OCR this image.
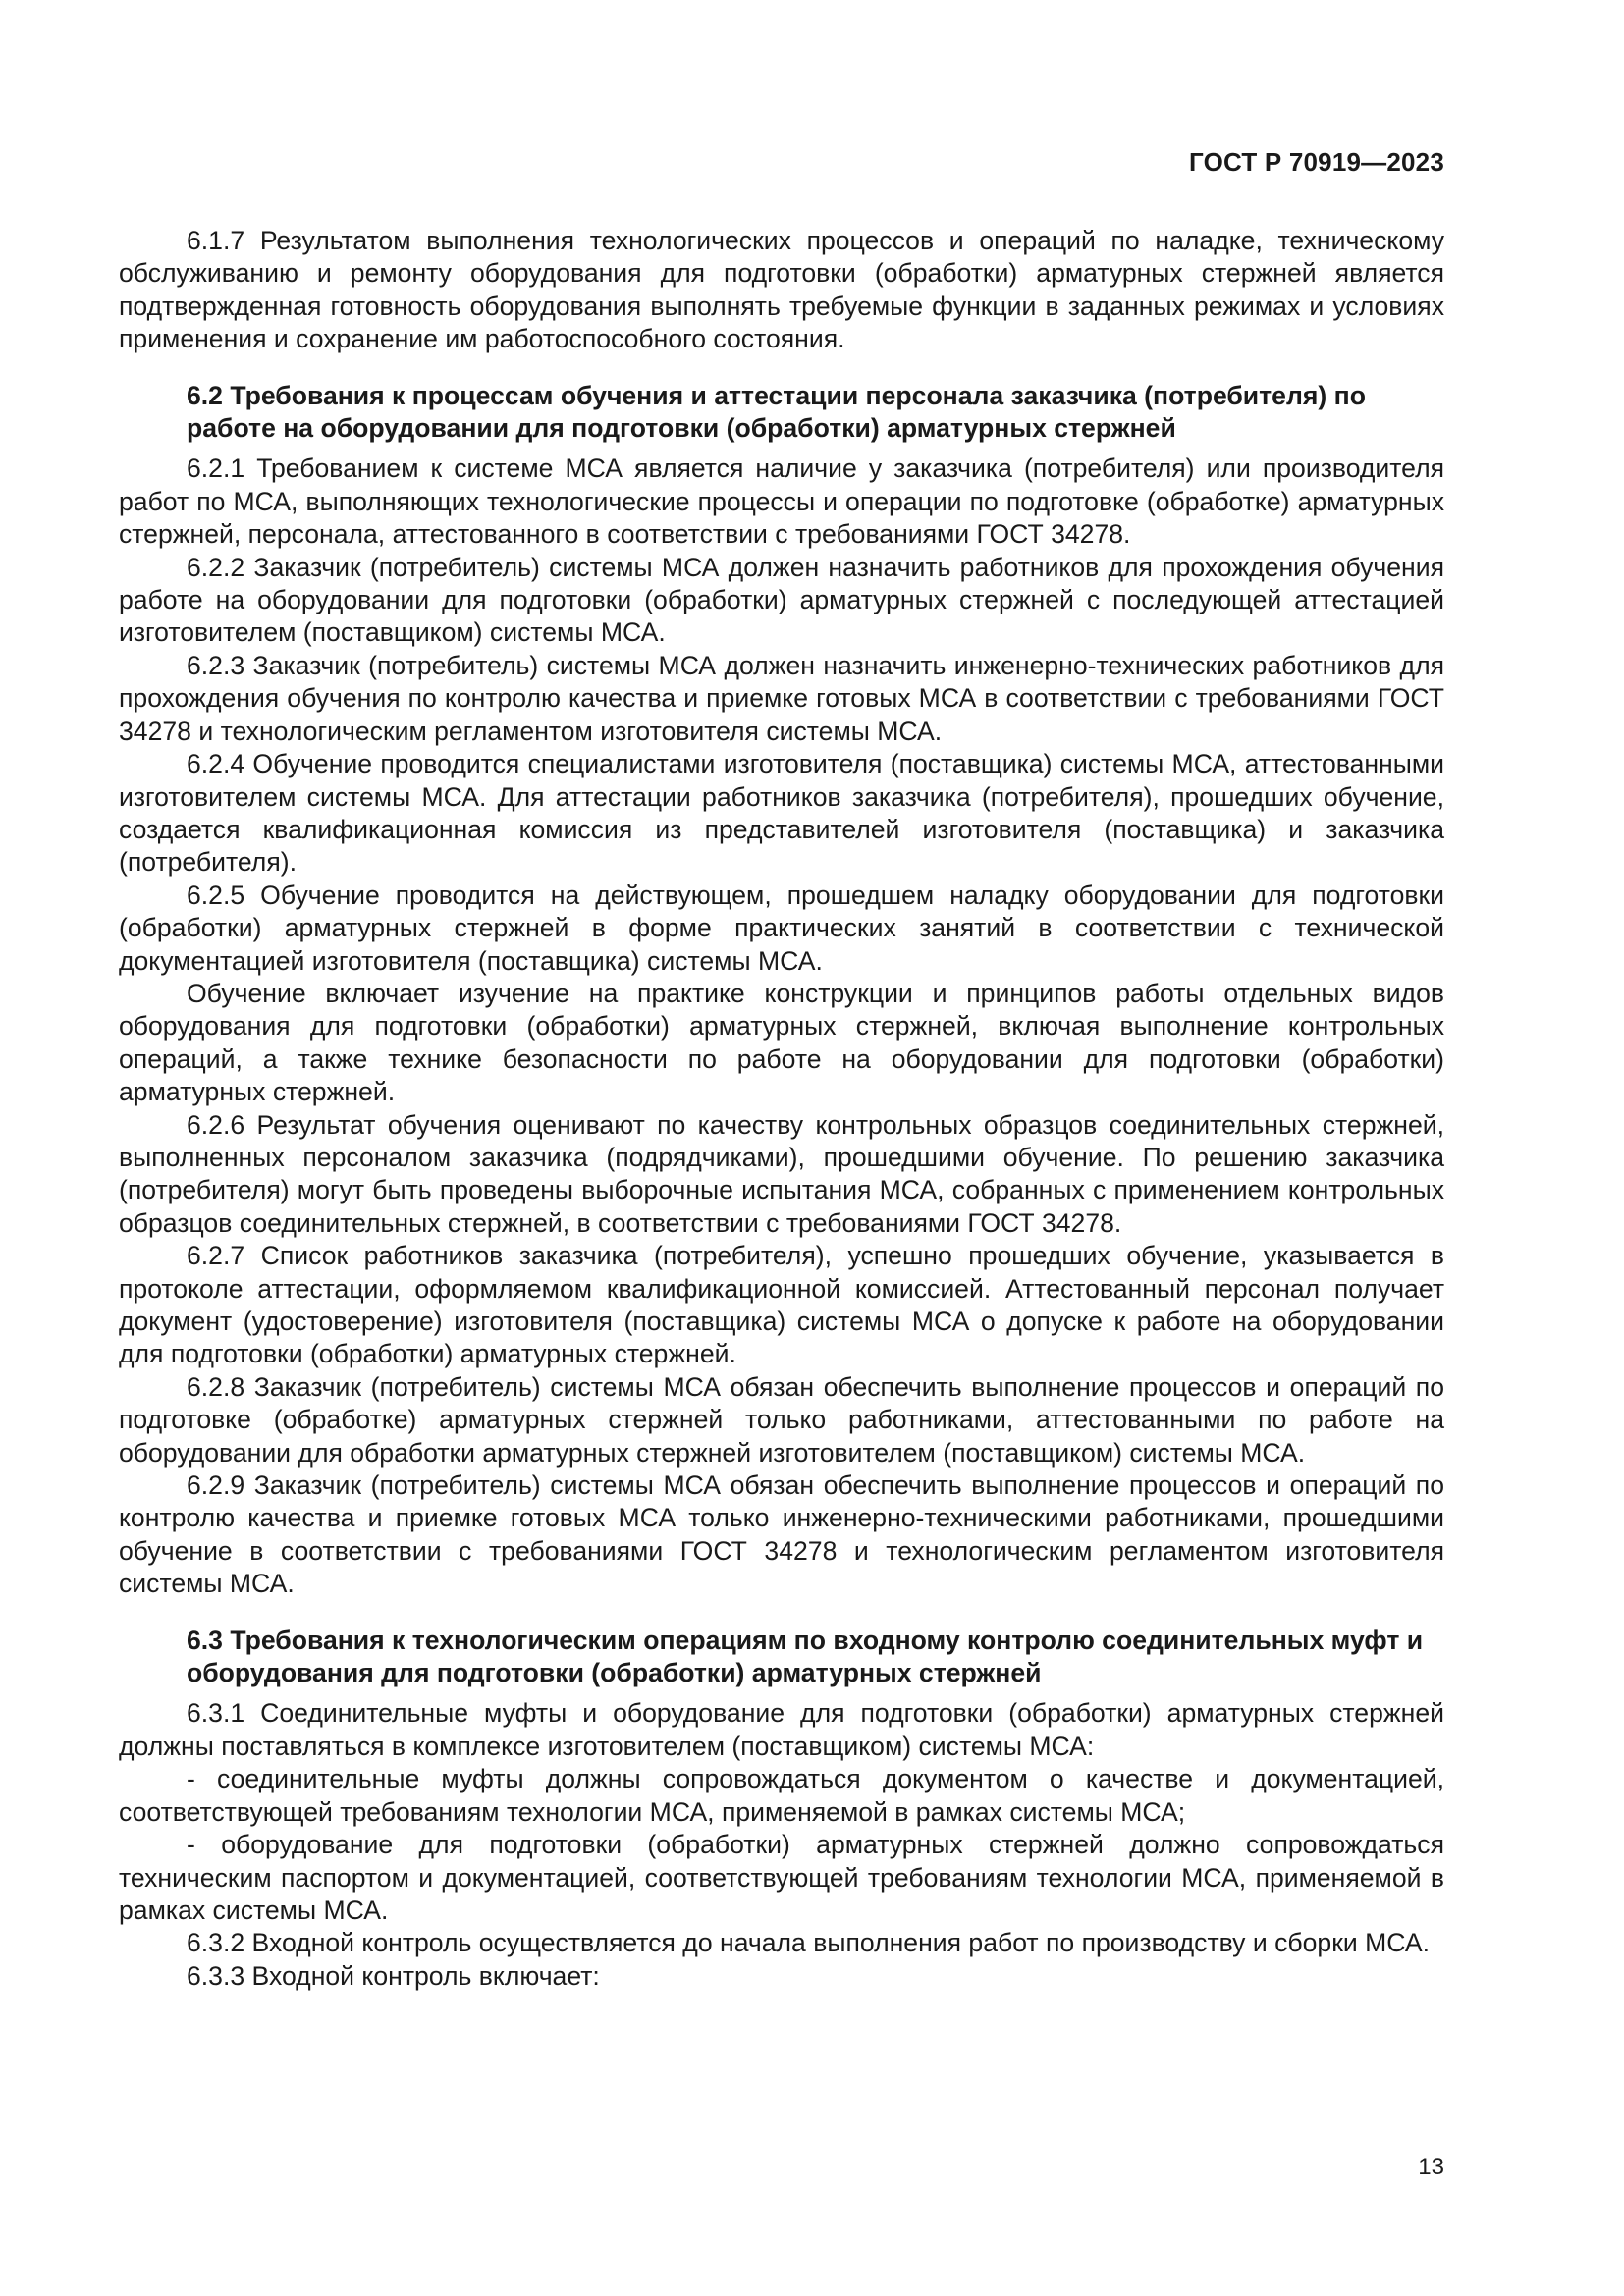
ГОСТ Р 70919—2023

6.1.7 Результатом выполнения технологических процессов и операций по наладке, техническому обслуживанию и ремонту оборудования для подготовки (обработки) арматурных стержней является подтвержденная готовность оборудования выполнять требуемые функции в заданных режимах и условиях применения и сохранение им работоспособного состояния.

6.2 Требования к процессам обучения и аттестации персонала заказчика (потребителя) по работе на оборудовании для подготовки (обработки) арматурных стержней

6.2.1 Требованием к системе МСА является наличие у заказчика (потребителя) или производителя работ по МСА, выполняющих технологические процессы и операции по подготовке (обработке) арматурных стержней, персонала, аттестованного в соответствии с требованиями ГОСТ 34278.

6.2.2 Заказчик (потребитель) системы МСА должен назначить работников для прохождения обучения работе на оборудовании для подготовки (обработки) арматурных стержней с последующей аттестацией изготовителем (поставщиком) системы МСА.

6.2.3 Заказчик (потребитель) системы МСА должен назначить инженерно-технических работников для прохождения обучения по контролю качества и приемке готовых МСА в соответствии с требованиями ГОСТ 34278 и технологическим регламентом изготовителя системы МСА.

6.2.4 Обучение проводится специалистами изготовителя (поставщика) системы МСА, аттестованными изготовителем системы МСА. Для аттестации работников заказчика (потребителя), прошедших обучение, создается квалификационная комиссия из представителей изготовителя (поставщика) и заказчика (потребителя).

6.2.5 Обучение проводится на действующем, прошедшем наладку оборудовании для подготовки (обработки) арматурных стержней в форме практических занятий в соответствии с технической документацией изготовителя (поставщика) системы МСА.

Обучение включает изучение на практике конструкции и принципов работы отдельных видов оборудования для подготовки (обработки) арматурных стержней, включая выполнение контрольных операций, а также технике безопасности по работе на оборудовании для подготовки (обработки) арматурных стержней.

6.2.6 Результат обучения оценивают по качеству контрольных образцов соединительных стержней, выполненных персоналом заказчика (подрядчиками), прошедшими обучение. По решению заказчика (потребителя) могут быть проведены выборочные испытания МСА, собранных с применением контрольных образцов соединительных стержней, в соответствии с требованиями ГОСТ 34278.

6.2.7 Список работников заказчика (потребителя), успешно прошедших обучение, указывается в протоколе аттестации, оформляемом квалификационной комиссией. Аттестованный персонал получает документ (удостоверение) изготовителя (поставщика) системы МСА о допуске к работе на оборудовании для подготовки (обработки) арматурных стержней.

6.2.8 Заказчик (потребитель) системы МСА обязан обеспечить выполнение процессов и операций по подготовке (обработке) арматурных стержней только работниками, аттестованными по работе на оборудовании для обработки арматурных стержней изготовителем (поставщиком) системы МСА.

6.2.9 Заказчик (потребитель) системы МСА обязан обеспечить выполнение процессов и операций по контролю качества и приемке готовых МСА только инженерно-техническими работниками, прошедшими обучение в соответствии с требованиями ГОСТ 34278 и технологическим регламентом изготовителя системы МСА.

6.3 Требования к технологическим операциям по входному контролю соединительных муфт и оборудования для подготовки (обработки) арматурных стержней

6.3.1 Соединительные муфты и оборудование для подготовки (обработки) арматурных стержней должны поставляться в комплексе изготовителем (поставщиком) системы МСА:

- соединительные муфты должны сопровождаться документом о качестве и документацией, соответствующей требованиям технологии МСА, применяемой в рамках системы МСА;

- оборудование для подготовки (обработки) арматурных стержней должно сопровождаться техническим паспортом и документацией, соответствующей требованиям технологии МСА, применяемой в рамках системы МСА.

6.3.2 Входной контроль осуществляется до начала выполнения работ по производству и сборки МСА.

6.3.3 Входной контроль включает:

13
